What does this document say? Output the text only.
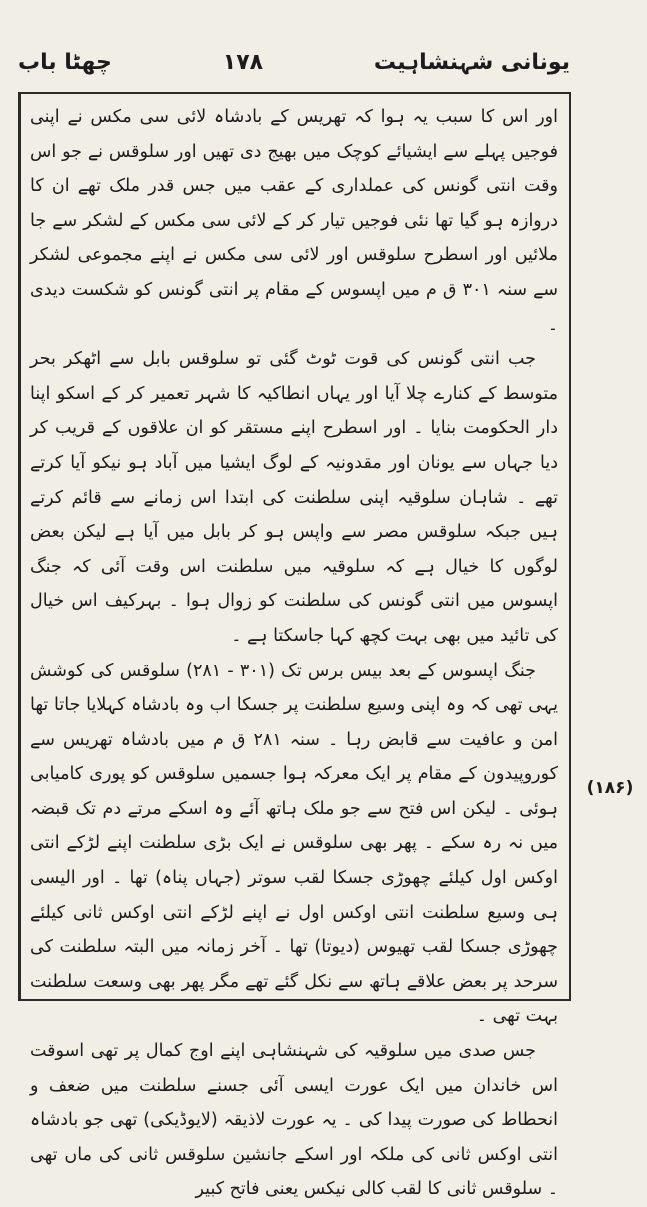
چھٹا باب	۱۷۸	یونانی شہنشاہیت

اور اس کا سبب یہ ہوا کہ تھریس کے بادشاہ لائی سی مکس نے اپنی فوجیں پہلے سے ایشیائے کوچک میں بھیج دی تھیں اور سلوقس نے جو اس وقت انتی گونس کی عملداری کے عقب میں جس قدر ملک تھے ان کا دروازہ ہو گیا تھا نئی فوجیں تیار کر کے لائی سی مکس کے لشکر سے جا ملائیں اور اسطرح سلوقس اور لائی سی مکس نے اپنے مجموعی لشکر سے سنہ ۳۰۱ ق م میں اپسوس کے مقام پر انتی گونس کو شکست دیدی ۔

جب انتی گونس کی قوت ٹوٹ گئی تو سلوقس بابل سے اٹھکر بحر متوسط کے کنارے چلا آیا اور یہاں انطاکیہ کا شہر تعمیر کر کے اسکو اپنا دار الحکومت بنایا ۔ اور اسطرح اپنے مستقر کو ان علاقوں کے قریب کر دیا جہاں سے یونان اور مقدونیہ کے لوگ ایشیا میں آباد ہو نیکو آیا کرتے تھے ۔ شاہان سلوقیہ اپنی سلطنت کی ابتدا اس زمانے سے قائم کرتے ہیں جبکہ سلوقس مصر سے واپس ہو کر بابل میں آیا ہے لیکن بعض لوگوں کا خیال ہے کہ سلوقیہ میں سلطنت اس وقت آئی کہ جنگ اپسوس میں انتی گونس کی سلطنت کو زوال ہوا ۔ بہرکیف اس خیال کی تائید میں بھی بہت کچھ کہا جاسکتا ہے ۔

جنگ اپسوس کے بعد بیس برس تک (۳۰۱ - ۲۸۱) سلوقس کی کوشش یہی تھی کہ وہ اپنی وسیع سلطنت پر جسکا اب وہ بادشاہ کہلایا جاتا تھا امن و عافیت سے قابض رہا ۔ سنہ ۲۸۱ ق م میں بادشاہ تھریس سے کوروپیدون کے مقام پر ایک معرکہ ہوا جسمیں سلوقس کو پوری کامیابی ہوئی ۔ لیکن اس فتح سے جو ملک ہاتھ آئے وہ اسکے مرتے دم تک قبضہ میں نہ رہ سکے ۔ پھر بھی سلوقس نے ایک بڑی سلطنت اپنے لڑکے انتی اوکس اول کیلئے چھوڑی جسکا لقب سوتر (جہاں پناہ) تھا ۔ اور الیسی ہی وسیع سلطنت انتی اوکس اول نے اپنے لڑکے انتی اوکس ثانی کیلئے چھوڑی جسکا لقب تھیوس (دیوتا) تھا ۔ آخر زمانہ میں البتہ سلطنت کی سرحد پر بعض علاقے ہاتھ سے نکل گئے تھے مگر پھر بھی وسعت سلطنت بہت تھی ۔

جس صدی میں سلوقیہ کی شہنشاہی اپنے اوج کمال پر تھی اسوقت اس خاندان میں ایک عورت ایسی آئی جسنے سلطنت میں ضعف و انحطاط کی صورت پیدا کی ۔ یہ عورت لاذیقہ (لایوڈیکی) تھی جو بادشاہ انتی اوکس ثانی کی ملکہ اور اسکے جانشین سلوقس ثانی کی ماں تھی ۔ سلوقس ثانی کا لقب کالی نیکس یعنی فاتح کبیر

(۱۸۶)
